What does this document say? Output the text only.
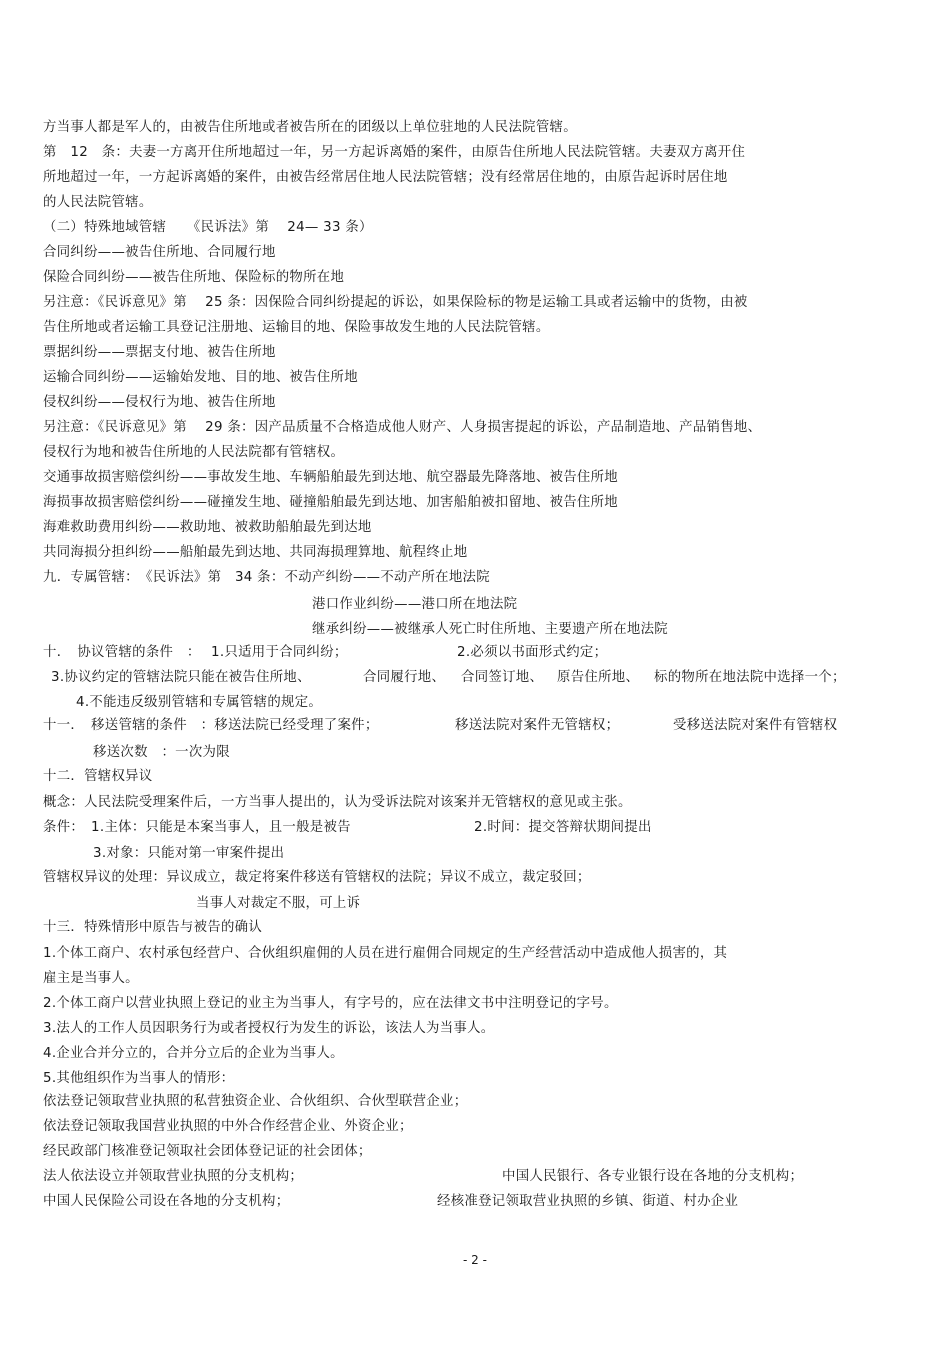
方当事人都是军人的，由被告住所地或者被告所在的团级以上单位驻地的人民法院管辖。
第　12　条：夫妻一方离开住所地超过一年，另一方起诉离婚的案件，由原告住所地人民法院管辖。夫妻双方离开住
所地超过一年，一方起诉离婚的案件，由被告经常居住地人民法院管辖；没有经常居住地的，由原告起诉时居住地
的人民法院管辖。
（二）特殊地域管辖　　《民诉法》第　 24— 33 条）
合同纠纷——被告住所地、合同履行地
保险合同纠纷——被告住所地、保险标的物所在地
另注意：《民诉意见》第　 25 条：因保险合同纠纷提起的诉讼，如果保险标的物是运输工具或者运输中的货物，由被
告住所地或者运输工具登记注册地、运输目的地、保险事故发生地的人民法院管辖。
票据纠纷——票据支付地、被告住所地
运输合同纠纷——运输始发地、目的地、被告住所地
侵权纠纷——侵权行为地、被告住所地
另注意：《民诉意见》第　 29 条：因产品质量不合格造成他人财产、人身损害提起的诉讼，产品制造地、产品销售地、
侵权行为地和被告住所地的人民法院都有管辖权。
交通事故损害赔偿纠纷——事故发生地、车辆船舶最先到达地、航空器最先降落地、被告住所地
海损事故损害赔偿纠纷——碰撞发生地、碰撞船舶最先到达地、加害船舶被扣留地、被告住所地
海难救助费用纠纷——救助地、被救助船舶最先到达地
共同海损分担纠纷——船舶最先到达地、共同海损理算地、航程终止地
九．专属管辖：　《民诉法》第　34 条：不动产纠纷——不动产所在地法院
港口作业纠纷——港口所在地法院
继承纠纷——被继承人死亡时住所地、主要遗产所在地法院

十．　协议管辖的条件　：

1.只适用于合同纠纷；

	2.必须以书面形式约定；

3.协议约定的管辖法院只能在被告住所地、

	合同履行地、

合同签订地、

原告住所地、

标的物所在地法院中选择一个；

4.不能违反级别管辖和专属管辖的规定。

十一．　移送管辖的条件　：移送法院已经受理了案件；

	移送法院对案件无管辖权；

	受移送法院对案件有管辖权

移送次数　：一次为限
十二．管辖权异议
概念：人民法院受理案件后，一方当事人提出的，认为受诉法院对该案并无管辖权的意见或主张。

条件：　1.主体：只能是本案当事人，且一般是被告

	2.时间：提交答辩状期间提出

3.对象：只能对第一审案件提出
管辖权异议的处理：异议成立，裁定将案件移送有管辖权的法院；异议不成立，裁定驳回；
当事人对裁定不服，可上诉
十三．特殊情形中原告与被告的确认
1.个体工商户、农村承包经营户、合伙组织雇佣的人员在进行雇佣合同规定的生产经营活动中造成他人损害的，其
雇主是当事人。
2.个体工商户以营业执照上登记的业主为当事人，有字号的，应在法律文书中注明登记的字号。
3.法人的工作人员因职务行为或者授权行为发生的诉讼，该法人为当事人。
4.企业合并分立的，合并分立后的企业为当事人。
5.其他组织作为当事人的情形：
依法登记领取营业执照的私营独资企业、合伙组织、合伙型联营企业；
依法登记领取我国营业执照的中外合作经营企业、外资企业；
经民政部门核准登记领取社会团体登记证的社会团体；

法人依法设立并领取营业执照的分支机构；

	中国人民银行、各专业银行设在各地的分支机构；

中国人民保险公司设在各地的分支机构；

	经核准登记领取营业执照的乡镇、街道、村办企业

- 2 -
